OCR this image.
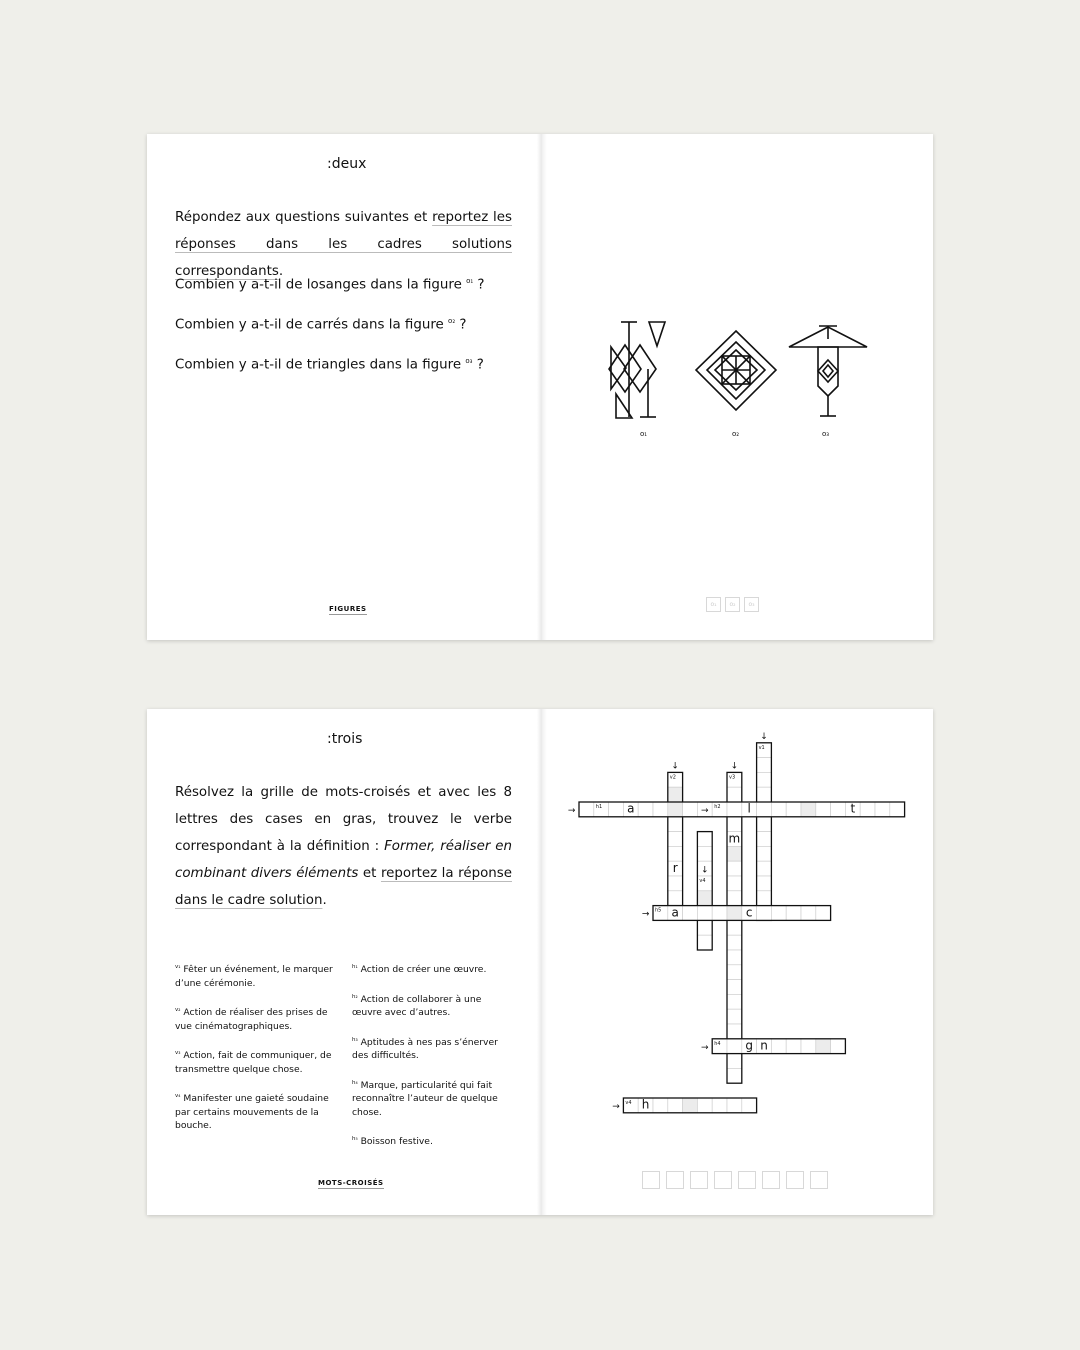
:deux
Répondez aux questions suivantes et reportez les réponses dans les cadres solutions correspondants.
Combien y a-t-il de losanges dans la figure $^{o_1}$ ?
Combien y a-t-il de carrés dans la figure $^{o_2}$ ?
Combien y a-t-il de triangles dans la figure $^{o_3}$ ?
FIGURES
o₁	o₂	o₃
o₁	o₂	o₃
:trois
Résolvez la grille de mots-croisés et avec les 8 lettres des cases en gras, trouvez le verbe correspondant à la définition : Former, réaliser en combinant divers éléments et reportez la réponse dans le cadre solution.
$^{v_1}$ Fêter un événement, le marquer d’une cérémonie.
$^{v_2}$ Action de réaliser des prises de vue cinématographiques.
$^{v_3}$ Action, fait de communiquer, de transmettre quelque chose.
$^{v_4}$ Manifester une gaieté soudaine par certains mouvements de la bouche.
$^{h_1}$ Action de créer une œuvre.
$^{h_2}$ Action de collaborer à une œuvre avec d’autres.
$^{h_3}$ Aptitudes à nes pas s’énerver des difficultés.
$^{h_4}$ Marque, particularité qui fait reconnaître l’auteur de quelque chose.
$^{h_5}$ Boisson festive.
MOTS-CROISÉS
a	l	t
m
r
a	c
g n
h
h1	h2
v1
v2	v3
v4
h5
h4
v4
→	→
→
→
→
↓
↓	↓
↓
